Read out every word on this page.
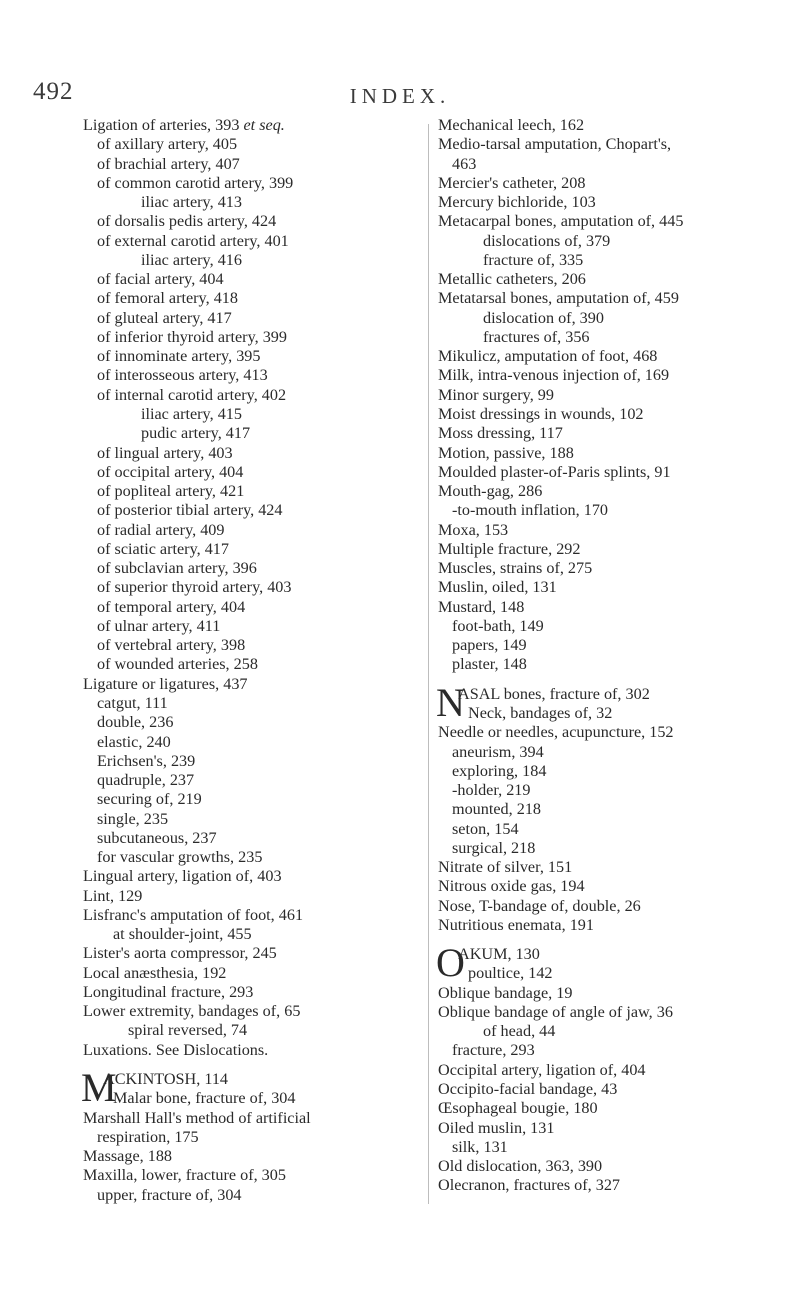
492	INDEX.
Ligation of arteries, 393 et seq.
of axillary artery, 405
of brachial artery, 407
of common carotid artery, 399
iliac artery, 413
of dorsalis pedis artery, 424
of external carotid artery, 401
iliac artery, 416
of facial artery, 404
of femoral artery, 418
of gluteal artery, 417
of inferior thyroid artery, 399
of innominate artery, 395
of interosseous artery, 413
of internal carotid artery, 402
iliac artery, 415
pudic artery, 417
of lingual artery, 403
of occipital artery, 404
of popliteal artery, 421
of posterior tibial artery, 424
of radial artery, 409
of sciatic artery, 417
of subclavian artery, 396
of superior thyroid artery, 403
of temporal artery, 404
of ulnar artery, 411
of vertebral artery, 398
of wounded arteries, 258
Ligature or ligatures, 437
catgut, 111
double, 236
elastic, 240
Erichsen's, 239
quadruple, 237
securing of, 219
single, 235
subcutaneous, 237
for vascular growths, 235
Lingual artery, ligation of, 403
Lint, 129
Lisfranc's amputation of foot, 461
at shoulder-joint, 455
Lister's aorta compressor, 245
Local anæsthesia, 192
Longitudinal fracture, 293
Lower extremity, bandages of, 65
spiral reversed, 74
Luxations. See Dislocations.
M
ACKINTOSH, 114
Malar bone, fracture of, 304
Marshall Hall's method of artificial
respiration, 175
Massage, 188
Maxilla, lower, fracture of, 305
upper, fracture of, 304
Mechanical leech, 162
Medio-tarsal amputation, Chopart's,
463
Mercier's catheter, 208
Mercury bichloride, 103
Metacarpal bones, amputation of, 445
dislocations of, 379
fracture of, 335
Metallic catheters, 206
Metatarsal bones, amputation of, 459
dislocation of, 390
fractures of, 356
Mikulicz, amputation of foot, 468
Milk, intra-venous injection of, 169
Minor surgery, 99
Moist dressings in wounds, 102
Moss dressing, 117
Motion, passive, 188
Moulded plaster-of-Paris splints, 91
Mouth-gag, 286
-to-mouth inflation, 170
Moxa, 153
Multiple fracture, 292
Muscles, strains of, 275
Muslin, oiled, 131
Mustard, 148
foot-bath, 149
papers, 149
plaster, 148
N
ASAL bones, fracture of, 302
Neck, bandages of, 32
Needle or needles, acupuncture, 152
aneurism, 394
exploring, 184
-holder, 219
mounted, 218
seton, 154
surgical, 218
Nitrate of silver, 151
Nitrous oxide gas, 194
Nose, T-bandage of, double, 26
Nutritious enemata, 191
O
AKUM, 130
poultice, 142
Oblique bandage, 19
Oblique bandage of angle of jaw, 36
of head, 44
fracture, 293
Occipital artery, ligation of, 404
Occipito-facial bandage, 43
Œsophageal bougie, 180
Oiled muslin, 131
silk, 131
Old dislocation, 363, 390
Olecranon, fractures of, 327
